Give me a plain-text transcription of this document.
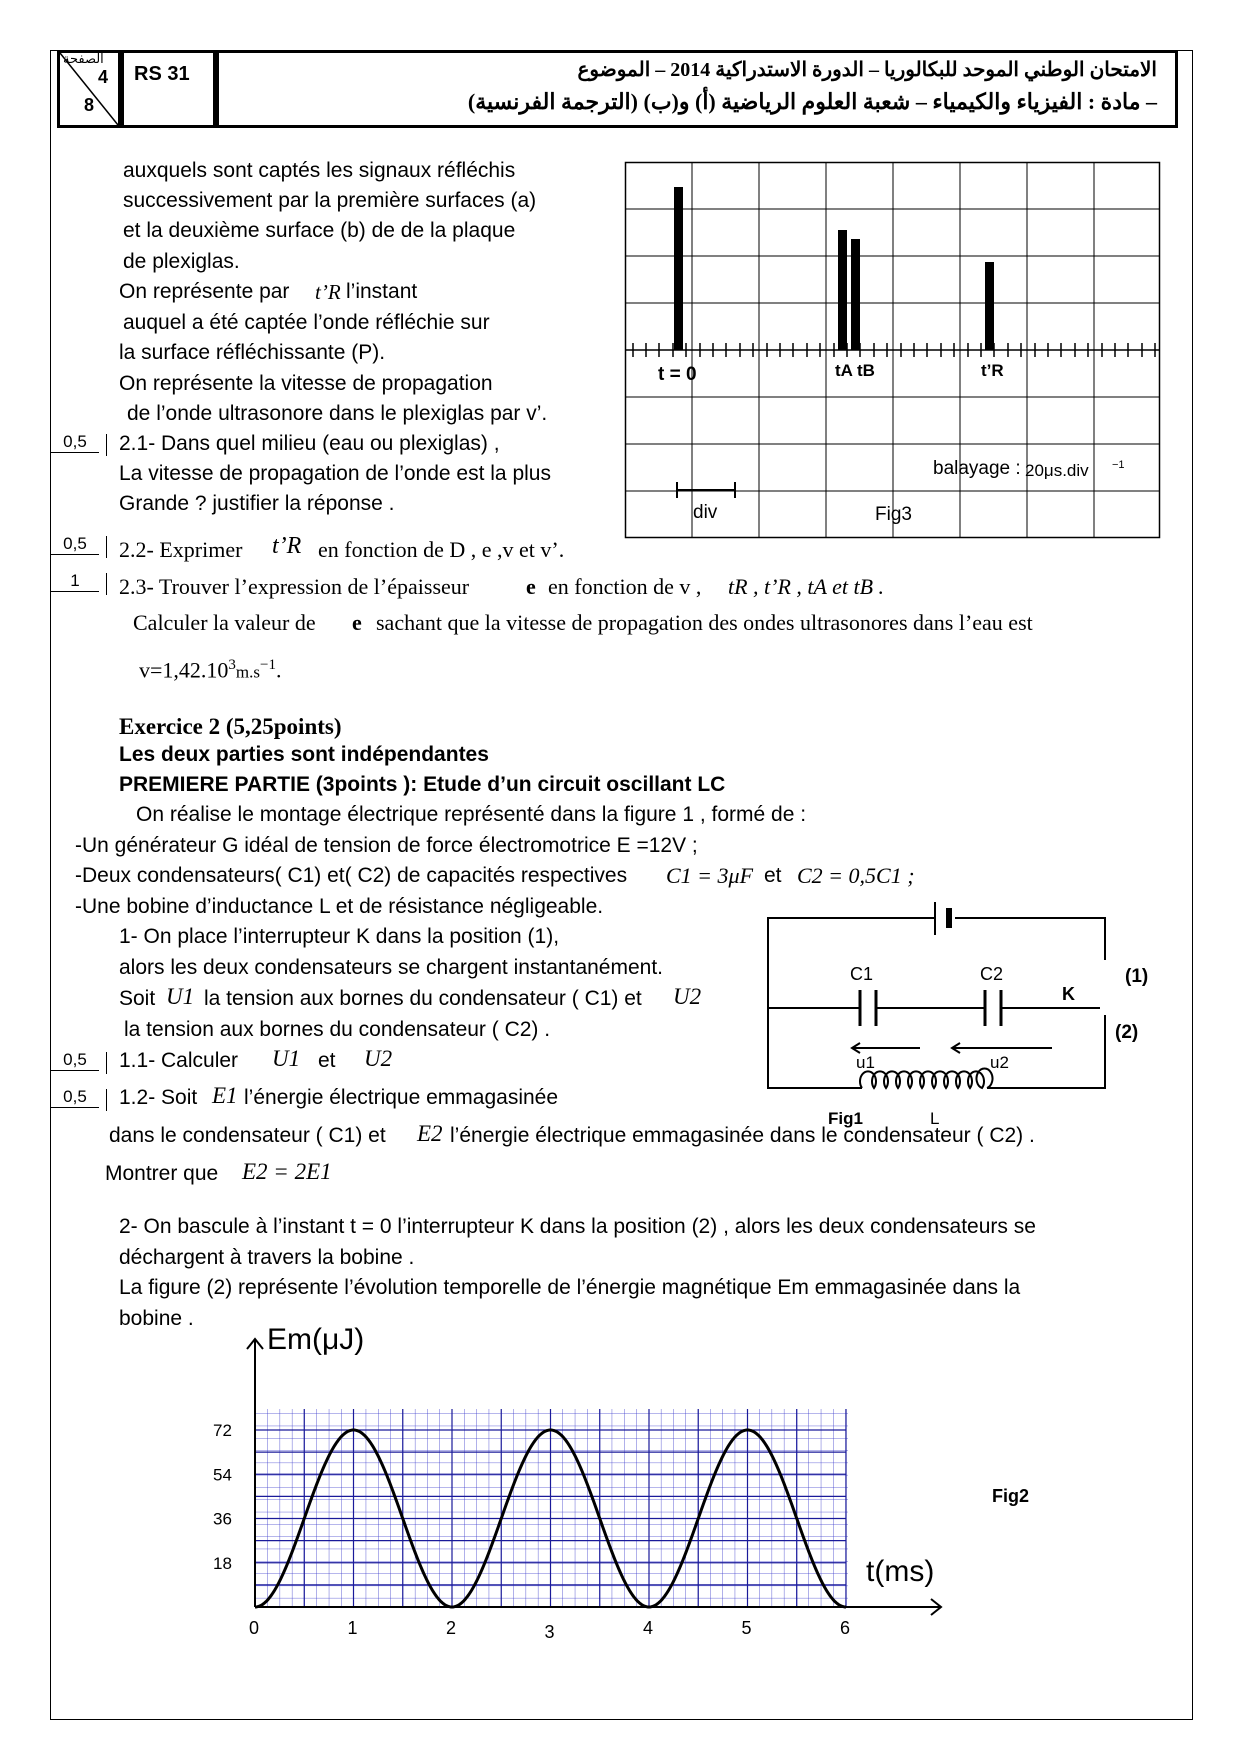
الصفحة
4
8
RS 31	الامتحان الوطني الموحد للبكالوريا – الدورة الاستدراكية 2014 – الموضوع
– مادة : الفيزياء والكيمياء – شعبة العلوم الرياضية (أ) و(ب) (الترجمة الفرنسية)
auxquels sont captés les signaux réfléchis
successivement par la première surfaces (a)
et la deuxième surface (b) de de la plaque
de plexiglas.
On représente par t’R l’instant
auquel a été captée l’onde réfléchie sur
la surface réfléchissante (P).
On représente la vitesse de propagation
de l’onde ultrasonore dans le plexiglas par v’.
0,5	2.1- Dans quel milieu (eau ou plexiglas) ,
La vitesse de propagation de l’onde est la plus
Grande ? justifier la réponse .
0,5	2.2- Exprimer t’R en fonction de D , e ,v et v’.
1	2.3- Trouver l’expression de l’épaisseur	e en fonction de v , tR , t’R , tA et tB .
Calculer la valeur de e sachant que la vitesse de propagation des ondes ultrasonores dans l’eau est
$v=1,42.10^3m.s^{-1}$.
t = 0	tA tB	t’R
div	Fig3
balayage : 20μs.div −1
Exercice 2 (5,25points)
Les deux parties sont indépendantes
PREMIERE PARTIE (3points ): Etude d’un circuit oscillant LC
On réalise le montage électrique représenté dans la figure 1 , formé de :
-Un générateur G idéal de tension de force électromotrice E =12V ;
-Deux condensateurs( C1) et( C2) de capacités respectives C1 = 3μF et C2 = 0,5C1 ;
-Une bobine d’inductance L et de résistance négligeable.
1- On place l’interrupteur K dans la position (1),
alors les deux condensateurs se chargent instantanément.
Soit U1 la tension aux bornes du condensateur ( C1) et U2
la tension aux bornes du condensateur ( C2) .
0,5	1.1- Calculer U1 et U2
0,5	1.2- Soit E1 l’énergie électrique emmagasinée
dans le condensateur ( C1) et E2 l’énergie électrique emmagasinée dans le condensateur ( C2) .
Montrer que E2 = 2E1
2- On bascule à l’instant t = 0 l’interrupteur K dans la position (2) , alors les deux condensateurs se
déchargent à travers la bobine .
La figure (2) représente l’évolution temporelle de l’énergie magnétique Em emmagasinée dans la
bobine .
C1	C2
K
(1)
(2)
u1	u2
Fig1	L
0	1	2	3	4	5	6
18
36
54
72
Em(μJ)
t(ms)
Fig2
